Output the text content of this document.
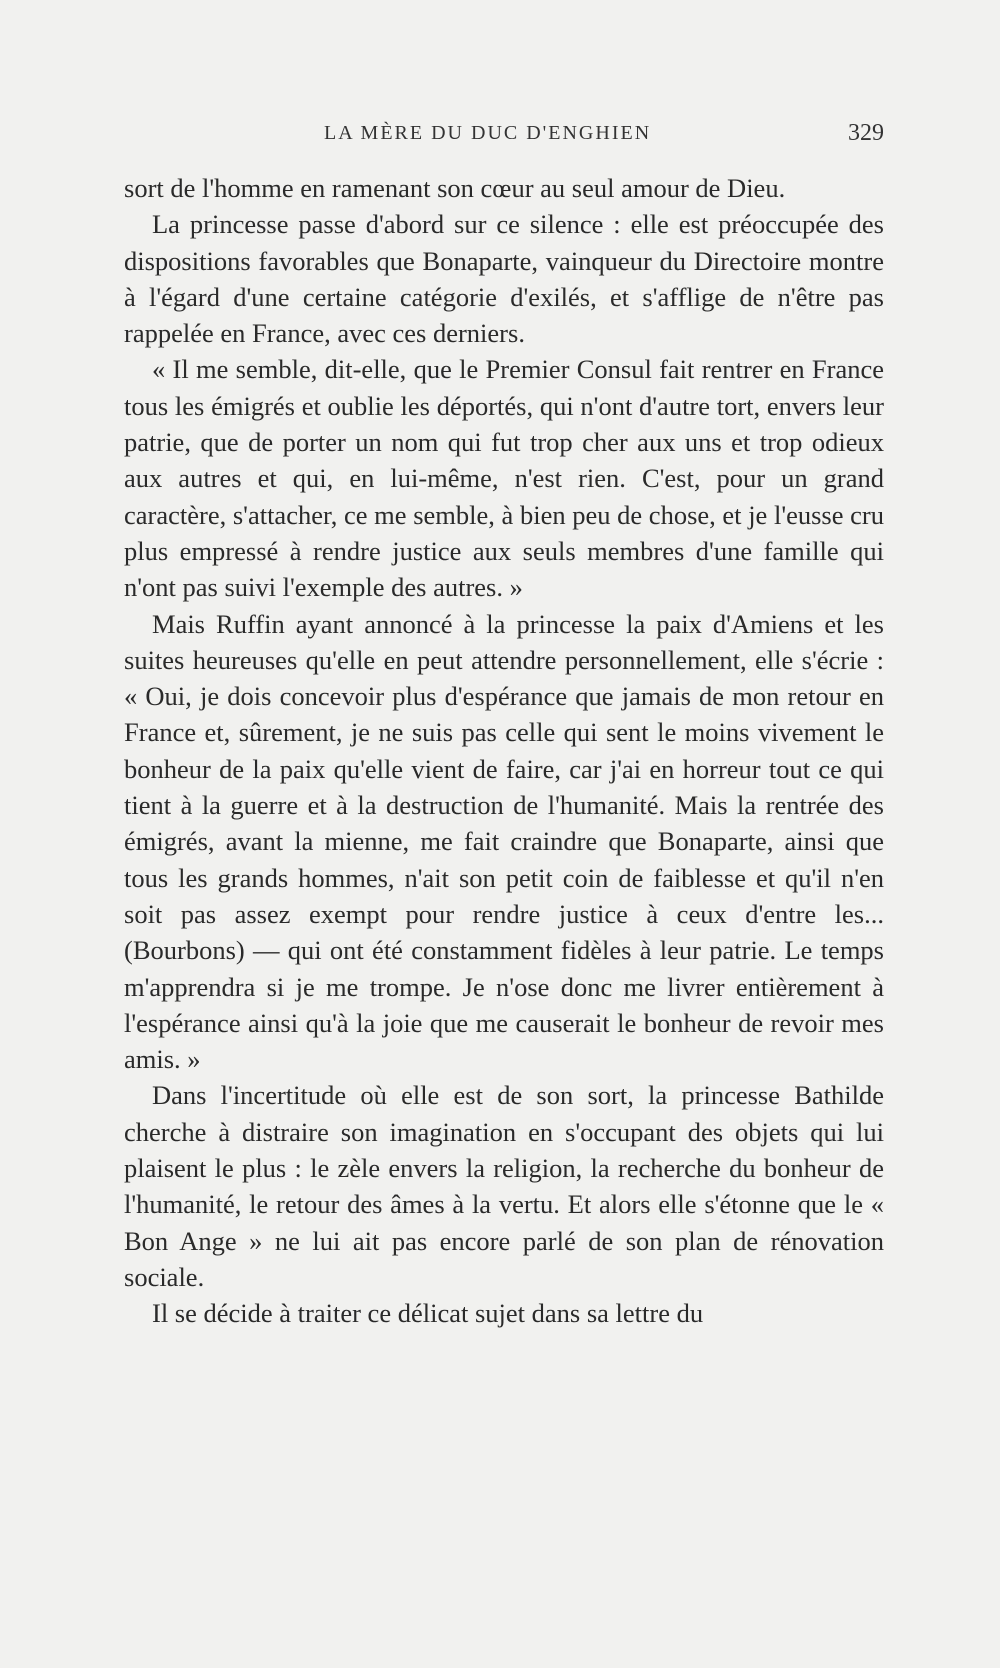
LA MÈRE DU DUC D'ENGHIEN	329

sort de l'homme en ramenant son cœur au seul amour de Dieu.

La princesse passe d'abord sur ce silence : elle est préoccupée des dispositions favorables que Bonaparte, vainqueur du Directoire montre à l'égard d'une certaine catégorie d'exilés, et s'afflige de n'être pas rappelée en France, avec ces derniers.

« Il me semble, dit-elle, que le Premier Consul fait rentrer en France tous les émigrés et oublie les déportés, qui n'ont d'autre tort, envers leur patrie, que de porter un nom qui fut trop cher aux uns et trop odieux aux autres et qui, en lui-même, n'est rien. C'est, pour un grand caractère, s'attacher, ce me semble, à bien peu de chose, et je l'eusse cru plus empressé à rendre justice aux seuls membres d'une famille qui n'ont pas suivi l'exemple des autres. »

Mais Ruffin ayant annoncé à la princesse la paix d'Amiens et les suites heureuses qu'elle en peut attendre personnellement, elle s'écrie : « Oui, je dois concevoir plus d'espérance que jamais de mon retour en France et, sûrement, je ne suis pas celle qui sent le moins vivement le bonheur de la paix qu'elle vient de faire, car j'ai en horreur tout ce qui tient à la guerre et à la destruction de l'humanité. Mais la rentrée des émigrés, avant la mienne, me fait craindre que Bonaparte, ainsi que tous les grands hommes, n'ait son petit coin de faiblesse et qu'il n'en soit pas assez exempt pour rendre justice à ceux d'entre les... (Bourbons) — qui ont été constamment fidèles à leur patrie. Le temps m'apprendra si je me trompe. Je n'ose donc me livrer entièrement à l'espérance ainsi qu'à la joie que me causerait le bonheur de revoir mes amis. »

Dans l'incertitude où elle est de son sort, la princesse Bathilde cherche à distraire son imagination en s'occupant des objets qui lui plaisent le plus : le zèle envers la religion, la recherche du bonheur de l'humanité, le retour des âmes à la vertu. Et alors elle s'étonne que le « Bon Ange » ne lui ait pas encore parlé de son plan de rénovation sociale.

Il se décide à traiter ce délicat sujet dans sa lettre du
